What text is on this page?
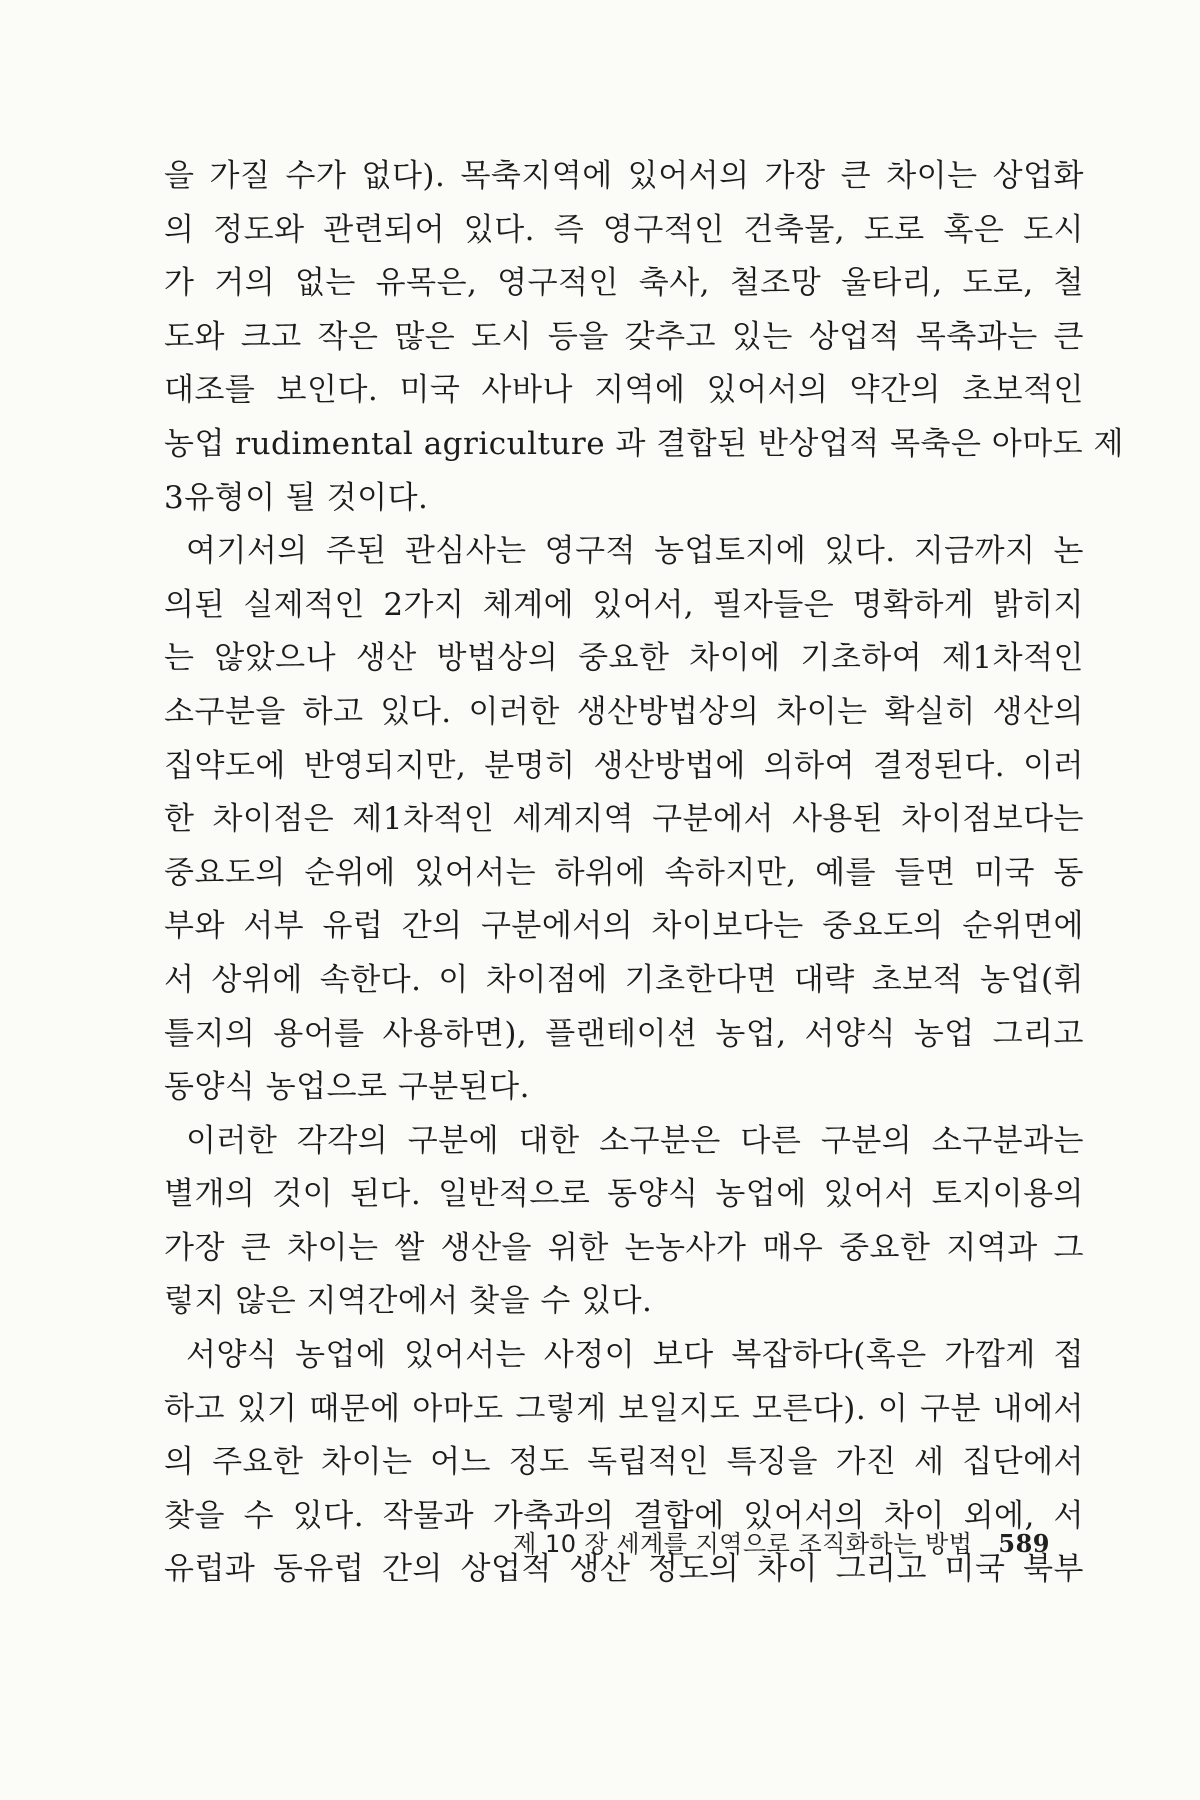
을 가질 수가 없다). 목축지역에 있어서의 가장 큰 차이는 상업화
의 정도와 관련되어 있다. 즉 영구적인 건축물, 도로 혹은 도시
가 거의 없는 유목은, 영구적인 축사, 철조망 울타리, 도로, 철
도와 크고 작은 많은 도시 등을 갖추고 있는 상업적 목축과는 큰
대조를 보인다. 미국 사바나 지역에 있어서의 약간의 초보적인
농업 rudimental agriculture 과 결합된 반상업적 목축은 아마도 제
3유형이 될 것이다.
여기서의 주된 관심사는 영구적 농업토지에 있다. 지금까지 논
의된 실제적인 2가지 체계에 있어서, 필자들은 명확하게 밝히지
는 않았으나 생산 방법상의 중요한 차이에 기초하여 제1차적인
소구분을 하고 있다. 이러한 생산방법상의 차이는 확실히 생산의
집약도에 반영되지만, 분명히 생산방법에 의하여 결정된다. 이러
한 차이점은 제1차적인 세계지역 구분에서 사용된 차이점보다는
중요도의 순위에 있어서는 하위에 속하지만, 예를 들면 미국 동
부와 서부 유럽 간의 구분에서의 차이보다는 중요도의 순위면에
서 상위에 속한다. 이 차이점에 기초한다면 대략 초보적 농업(휘
틀지의 용어를 사용하면), 플랜테이션 농업, 서양식 농업 그리고
동양식 농업으로 구분된다.
이러한 각각의 구분에 대한 소구분은 다른 구분의 소구분과는
별개의 것이 된다. 일반적으로 동양식 농업에 있어서 토지이용의
가장 큰 차이는 쌀 생산을 위한 논농사가 매우 중요한 지역과 그
렇지 않은 지역간에서 찾을 수 있다.
서양식 농업에 있어서는 사정이 보다 복잡하다(혹은 가깝게 접
하고 있기 때문에 아마도 그렇게 보일지도 모른다). 이 구분 내에서
의 주요한 차이는 어느 정도 독립적인 특징을 가진 세 집단에서
찾을 수 있다. 작물과 가축과의 결합에 있어서의 차이 외에, 서
유럽과 동유럽 간의 상업적 생산 정도의 차이 그리고 미국 북부
제 10 장 세계를 지역으로 조직화하는 방법 589
